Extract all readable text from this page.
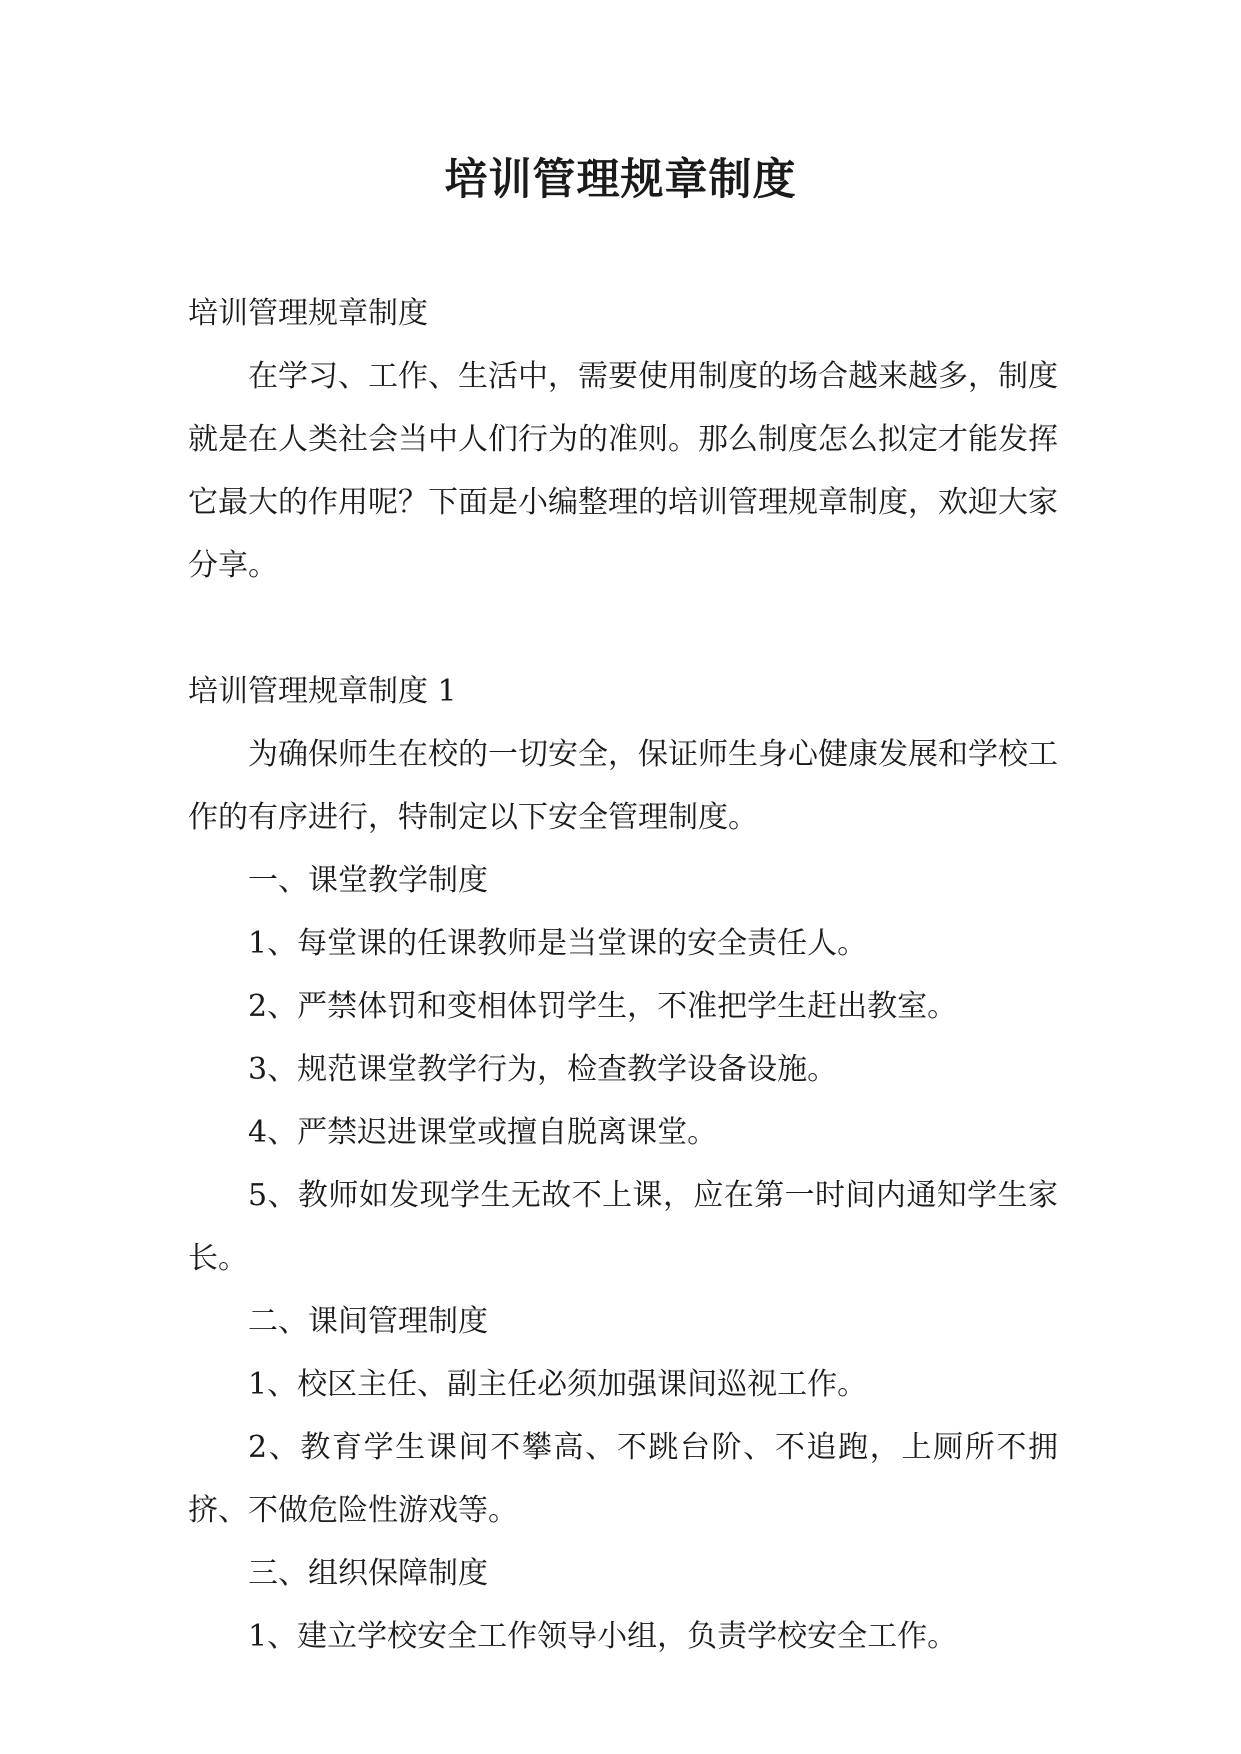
培训管理规章制度

培训管理规章制度

在学习、工作、生活中，需要使用制度的场合越来越多，制度就是在人类社会当中人们行为的准则。那么制度怎么拟定才能发挥它最大的作用呢？下面是小编整理的培训管理规章制度，欢迎大家分享。

培训管理规章制度 1

为确保师生在校的一切安全，保证师生身心健康发展和学校工作的有序进行，特制定以下安全管理制度。

一、课堂教学制度

1、每堂课的任课教师是当堂课的安全责任人。

2、严禁体罚和变相体罚学生，不准把学生赶出教室。

3、规范课堂教学行为，检查教学设备设施。

4、严禁迟进课堂或擅自脱离课堂。

5、教师如发现学生无故不上课，应在第一时间内通知学生家长。

二、课间管理制度

1、校区主任、副主任必须加强课间巡视工作。

2、教育学生课间不攀高、不跳台阶、不追跑，上厕所不拥挤、不做危险性游戏等。

三、组织保障制度

1、建立学校安全工作领导小组，负责学校安全工作。
